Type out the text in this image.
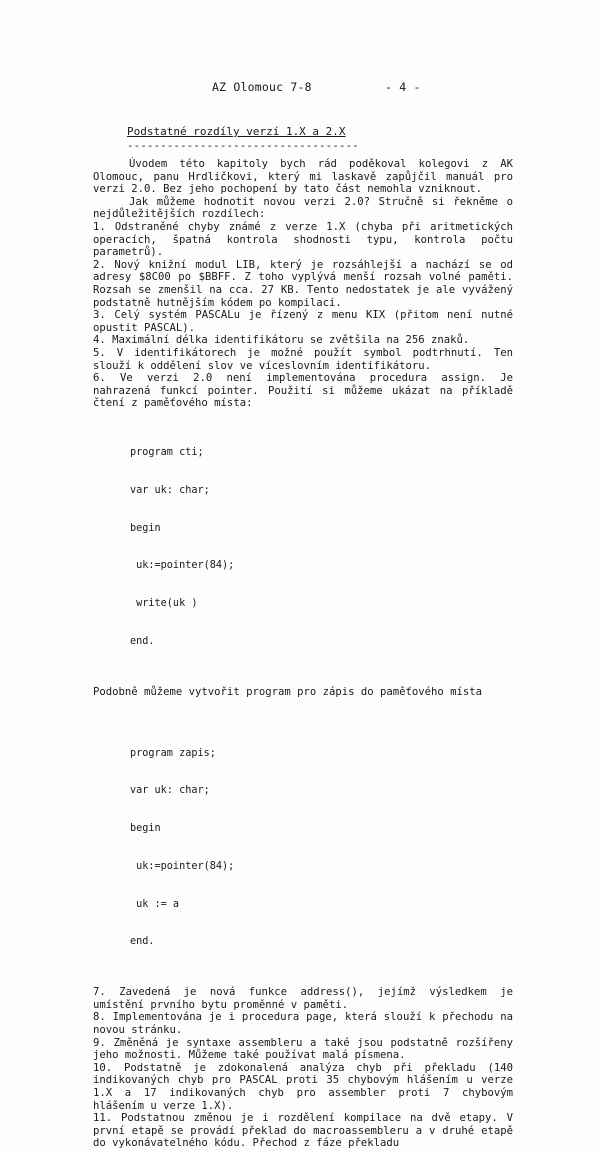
AZ Olomouc 7-8	- 4 -
Podstatné rozdíly verzí 1.X a 2.X
-----------------------------------

Úvodem této kapitoly bych rád poděkoval kolegovi z AK Olomouc, panu Hrdličkovi, který mi laskavě zapůjčil manuál pro verzi 2.0. Bez jeho pochopení by tato část nemohla vzniknout.

Jak můžeme hodnotit novou verzi 2.0? Stručně si řekněme o nejdůležitějších rozdílech:

1. Odstraněné chyby známé z verze 1.X (chyba při aritmetických operacích, špatná kontrola shodnosti typu, kontrola počtu parametrů).

2. Nový knižní modul LIB, který je rozsáhlejší a nachází se od adresy $8C00 po $BBFF. Z toho vyplývá menší rozsah volné paměti. Rozsah se zmenšil na cca. 27 KB. Tento nedostatek je ale vyvážený podstatně hutnějším kódem po kompilaci.

3. Celý systém PASCALu je řízený z menu KIX (přitom není nutné opustit PASCAL).

4. Maximální délka identifikátoru se zvětšila na 256 znaků.

5. V identifikátorech je možné použít symbol podtrhnutí. Ten slouží k oddělení slov ve víceslovním identifikátoru.

6. Ve verzi 2.0 není implementována procedura assign. Je nahrazená funkcí pointer. Použití si můžeme ukázat na příkladě čtení z paměťového místa:

program cti;

var uk: char;

begin

uk:=pointer(84);

write(uk )

end.

Podobně můžeme vytvořit program pro zápis do paměťového místa

program zapis;

var uk: char;

begin

uk:=pointer(84);

uk := a

end.

7. Zavedená je nová funkce address(), jejímž výsledkem je umístění prvního bytu proměnné v paměti.

8. Implementována je i procedura page, která slouží k přechodu na novou stránku.

9. Změněná je syntaxe assembleru a také jsou podstatně rozšířeny jeho možnosti. Můžeme také používat malá písmena.

10. Podstatně je zdokonalená analýza chyb při překladu (140 indikovaných chyb pro PASCAL proti 35 chybovým hlášením u verze 1.X a 17 indikovaných chyb pro assembler proti 7 chybovým hlášením u verze 1.X).

11. Podstatnou změnou je i rozdělení kompilace na dvě etapy. V první etapě se provádí překlad do macroassembleru a v druhé etapě do vykonávatelného kódu. Přechod z fáze překladu
